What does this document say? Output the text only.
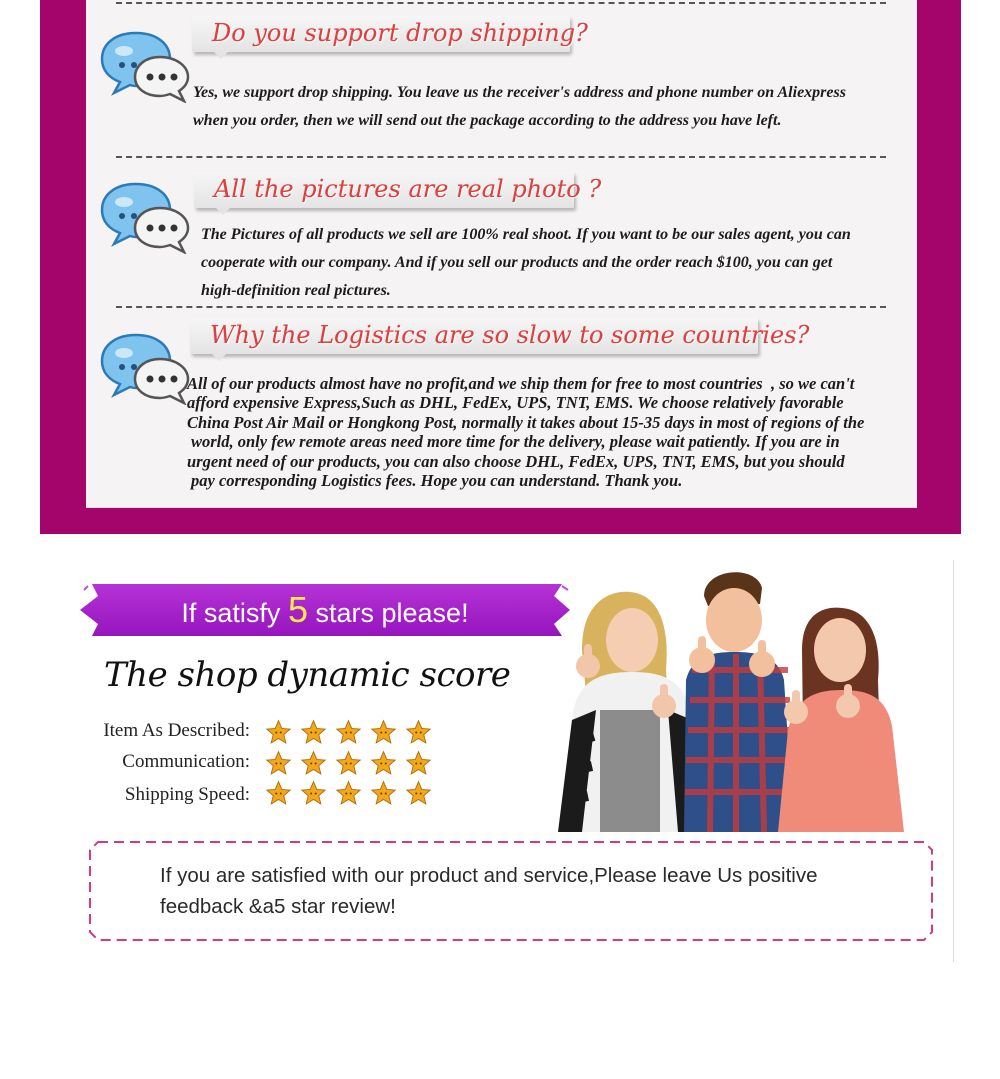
Do you support drop shipping?
Yes, we support drop shipping. You leave us the receiver's address and phone number on Aliexpress
when you order, then we will send out the package according to the address you have left.
All the pictures are real photo ?
The Pictures of all products we sell are 100% real shoot. If you want to be our sales agent, you can
cooperate with our company. And if you sell our products and the order reach $100, you can get
high-definition real pictures.
Why the Logistics are so slow to some countries?
All of our products almost have no profit,and we ship them for free to most countries  , so we can't
afford expensive Express,Such as DHL, FedEx, UPS, TNT, EMS. We choose relatively favorable
China Post Air Mail or Hongkong Post, normally it takes about 15-35 days in most of regions of the
world, only few remote areas need more time for the delivery, please wait patiently. If you are in
urgent need of our products, you can also choose DHL, FedEx, UPS, TNT, EMS, but you should
pay corresponding Logistics fees. Hope you can understand. Thank you.
If satisfy 5 stars please!
The shop dynamic score
Item As Described:
Communication:
Shipping Speed:
If you are satisfied with our product and service,Please leave Us positive
feedback &a5 star review!
